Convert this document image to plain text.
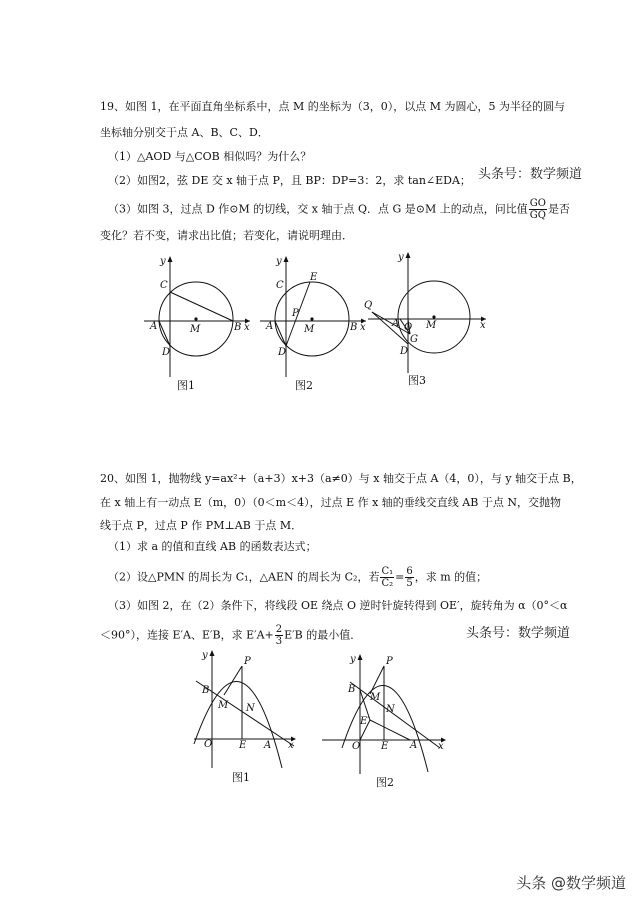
19、如图 1，在平面直角坐标系中，点 M 的坐标为（3，0），以点 M 为圆心，5 为半径的圆与
坐标轴分别交于点 A、B、C、D．
（1）△AOD 与△COB 相似吗？为什么？
头条号：数学频道
（2）如图2，弦 DE 交 x 轴于点 P，且 BP：DP=3：2，求 tan∠EDA；
（3）如图 3，过点 D 作⊙M 的切线，交 x 轴于点 Q．点 G 是⊙M 上的动点，问比值 $\frac{GO}{GQ}$ 是否
变化？若不变，请求出比值；若变化，请说明理由．
y
x
C
A	M	B
D
图1
y
x
E
C
P
A	M	B
D
图2
y
x
Q
A O
G
M
D
图3
20、如图 1，抛物线 y=ax²+（a+3）x+3（a≠0）与 x 轴交于点 A（4，0），与 y 轴交于点 B，
在 x 轴上有一动点 E（m，0）（0＜m＜4），过点 E 作 x 轴的垂线交直线 AB 于点 N，交抛物
线于点 P，过点 P 作 PM⊥AB 于点 M．
（1）求 a 的值和直线 AB 的函数表达式；
（2）设△PMN 的周长为 C₁，△AEN 的周长为 C₂，若 $\frac{\text{C₁}}{\text{C₂}} = \frac{6}{5}$ ，求 m 的值；
（3）如图 2，在（2）条件下，将线段 OE 绕点 O 逆时针旋转得到 OE′，旋转角为 α（0°＜α
头条号：数学频道
＜90°），连接 E′A、E′B，求 $E'A+ \frac{2}{3} E'B$ 的最小值．
y
P
B
M N
O	E A x
图1
y	P
B
M
E′
N
O E A x
图2
头条 @数学频道
